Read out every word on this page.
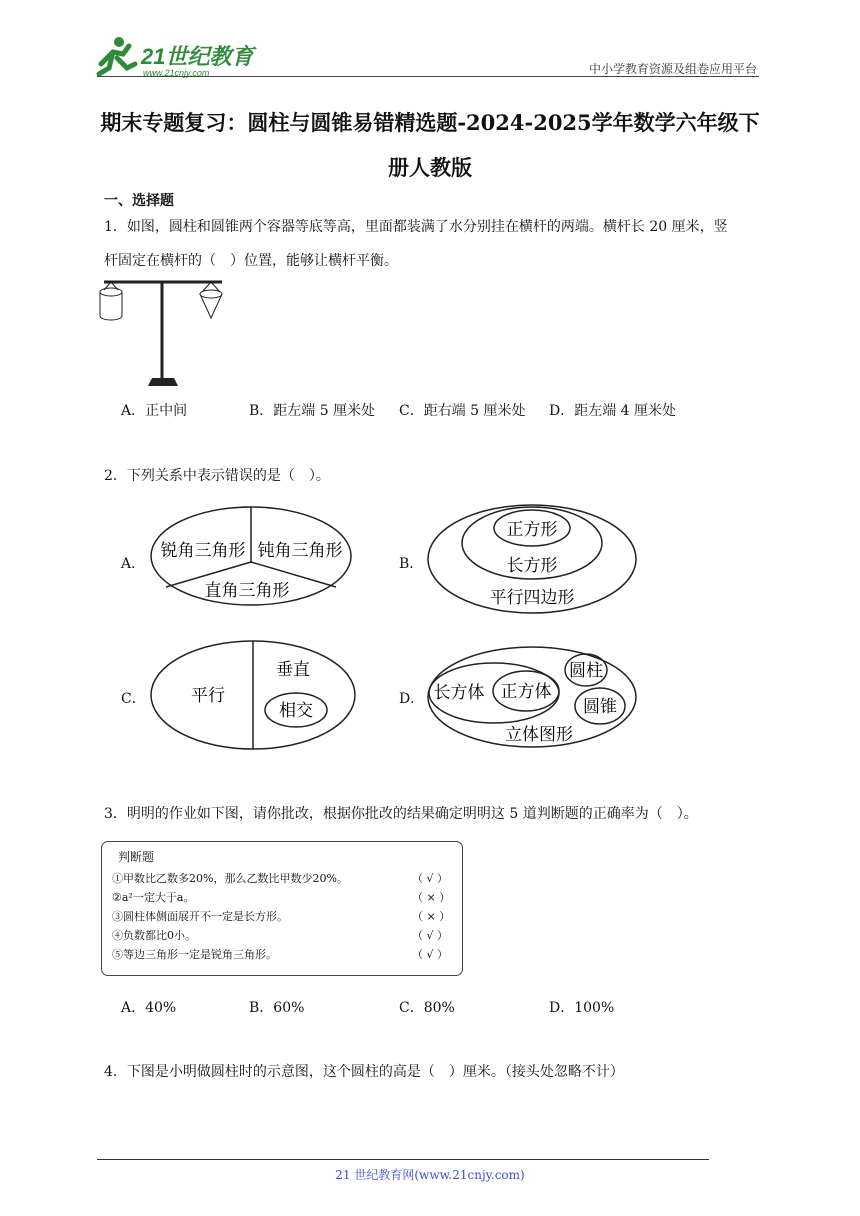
21世纪教育
www.21cnjy.com	中小学教育资源及组卷应用平台
期末专题复习：圆柱与圆锥易错精选题-2024-2025学年数学六年级下
册人教版
一、选择题
1．如图，圆柱和圆锥两个容器等底等高，里面都装满了水分别挂在横杆的两端。横杆长 20 厘米，竖
杆固定在横杆的（　）位置，能够让横杆平衡。
A．正中间	B．距左端 5 厘米处 C．距右端 5 厘米处 D．距左端 4 厘米处
2．下列关系中表示错误的是（　）。
A．
锐角三角形 钝角三角形
直角三角形
B．
正方形
长方形
平行四边形
C．	平行
垂直
相交
D． 长方体 正方体
圆柱
圆锥
立体图形
3．明明的作业如下图，请你批改，根据你批改的结果确定明明这 5 道判断题的正确率为（　）。
判断题
①甲数比乙数多20%，那么乙数比甲数少20%。	（ √ ）
②a²一定大于a。	（ × ）
③圆柱体侧面展开不一定是长方形。	（ × ）
④负数都比0小。	（ √ ）
⑤等边三角形一定是锐角三角形。	（ √ ）
A．40%	B．60%	C．80%	D．100%
4．下图是小明做圆柱时的示意图，这个圆柱的高是（　）厘米。（接头处忽略不计）
21 世纪教育网(www.21cnjy.com)
